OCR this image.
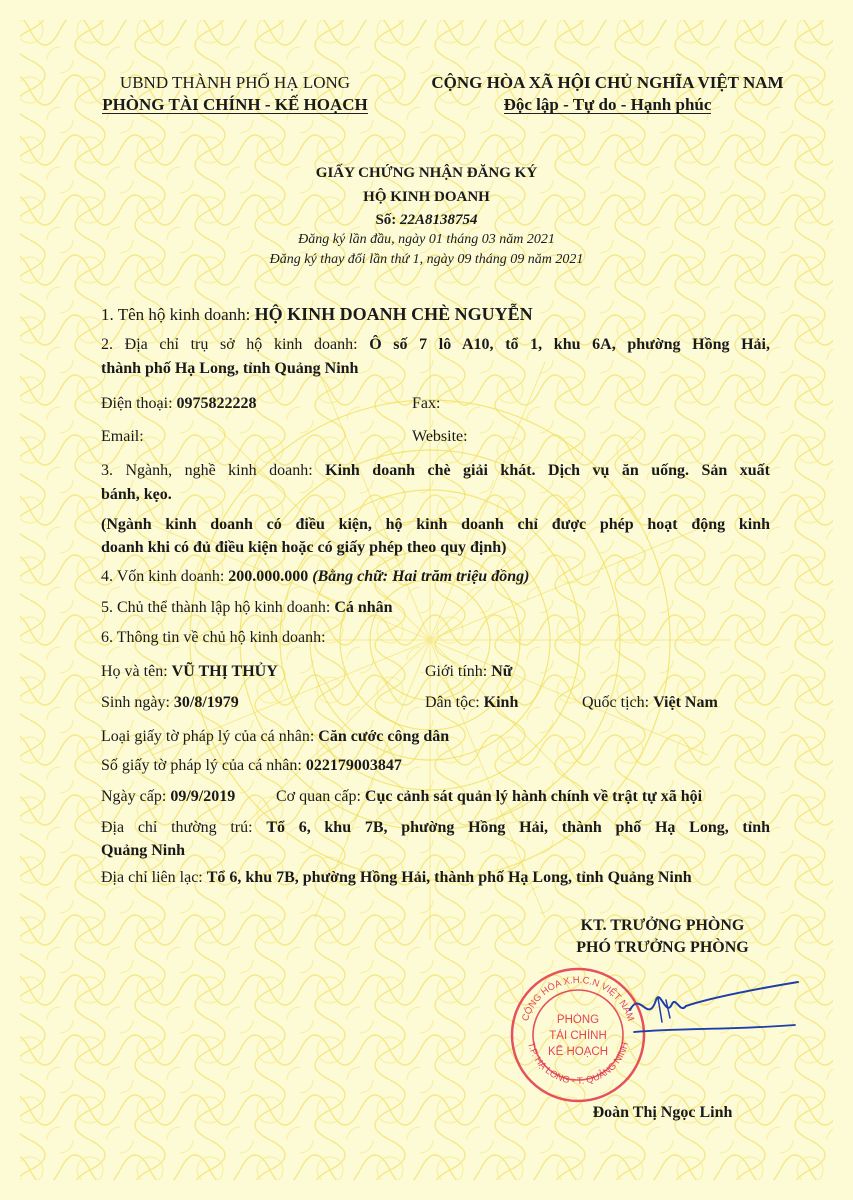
UBND THÀNH PHỐ HẠ LONG
PHÒNG TÀI CHÍNH - KẾ HOẠCH
CỘNG HÒA XÃ HỘI CHỦ NGHĨA VIỆT NAM
Độc lập - Tự do - Hạnh phúc
GIẤY CHỨNG NHẬN ĐĂNG KÝ
HỘ KINH DOANH
Số: 22A8138754
Đăng ký lần đầu, ngày 01 tháng 03 năm 2021
Đăng ký thay đổi lần thứ 1, ngày 09 tháng 09 năm 2021
1. Tên hộ kinh doanh: HỘ KINH DOANH CHÈ NGUYỄN
2. Địa chỉ trụ sở hộ kinh doanh: Ô số 7 lô A10, tổ 1, khu 6A, phường Hồng Hải,
thành phố Hạ Long, tỉnh Quảng Ninh
Điện thoại: 0975822228	Fax:
Email:	Website:
3. Ngành, nghề kinh doanh: Kinh doanh chè giải khát. Dịch vụ ăn uống. Sản xuất
bánh, kẹo.
(Ngành kinh doanh có điều kiện, hộ kinh doanh chỉ được phép hoạt động kinh
doanh khi có đủ điều kiện hoặc có giấy phép theo quy định)
4. Vốn kinh doanh: 200.000.000 (Bằng chữ: Hai trăm triệu đồng)
5. Chủ thể thành lập hộ kinh doanh: Cá nhân
6. Thông tin về chủ hộ kinh doanh:
Họ và tên: VŨ THỊ THỦY	Giới tính: Nữ
Sinh ngày: 30/8/1979	Dân tộc: Kinh	Quốc tịch: Việt Nam
Loại giấy tờ pháp lý của cá nhân: Căn cước công dân
Số giấy tờ pháp lý của cá nhân: 022179003847
Ngày cấp: 09/9/2019	Cơ quan cấp: Cục cảnh sát quản lý hành chính về trật tự xã hội
Địa chỉ thường trú: Tổ 6, khu 7B, phường Hồng Hải, thành phố Hạ Long, tỉnh
Quảng Ninh
Địa chỉ liên lạc: Tổ 6, khu 7B, phường Hồng Hải, thành phố Hạ Long, tỉnh Quảng Ninh
KT. TRƯỞNG PHÒNG
PHÓ TRƯỞNG PHÒNG
CỘNG HÒA X.H.C.N VIỆT NAM
T.P. HẠ LONG - T. QUẢNG NINH
PHÒNG
TÀI CHÍNH
KẾ HOẠCH
Đoàn Thị Ngọc Linh
